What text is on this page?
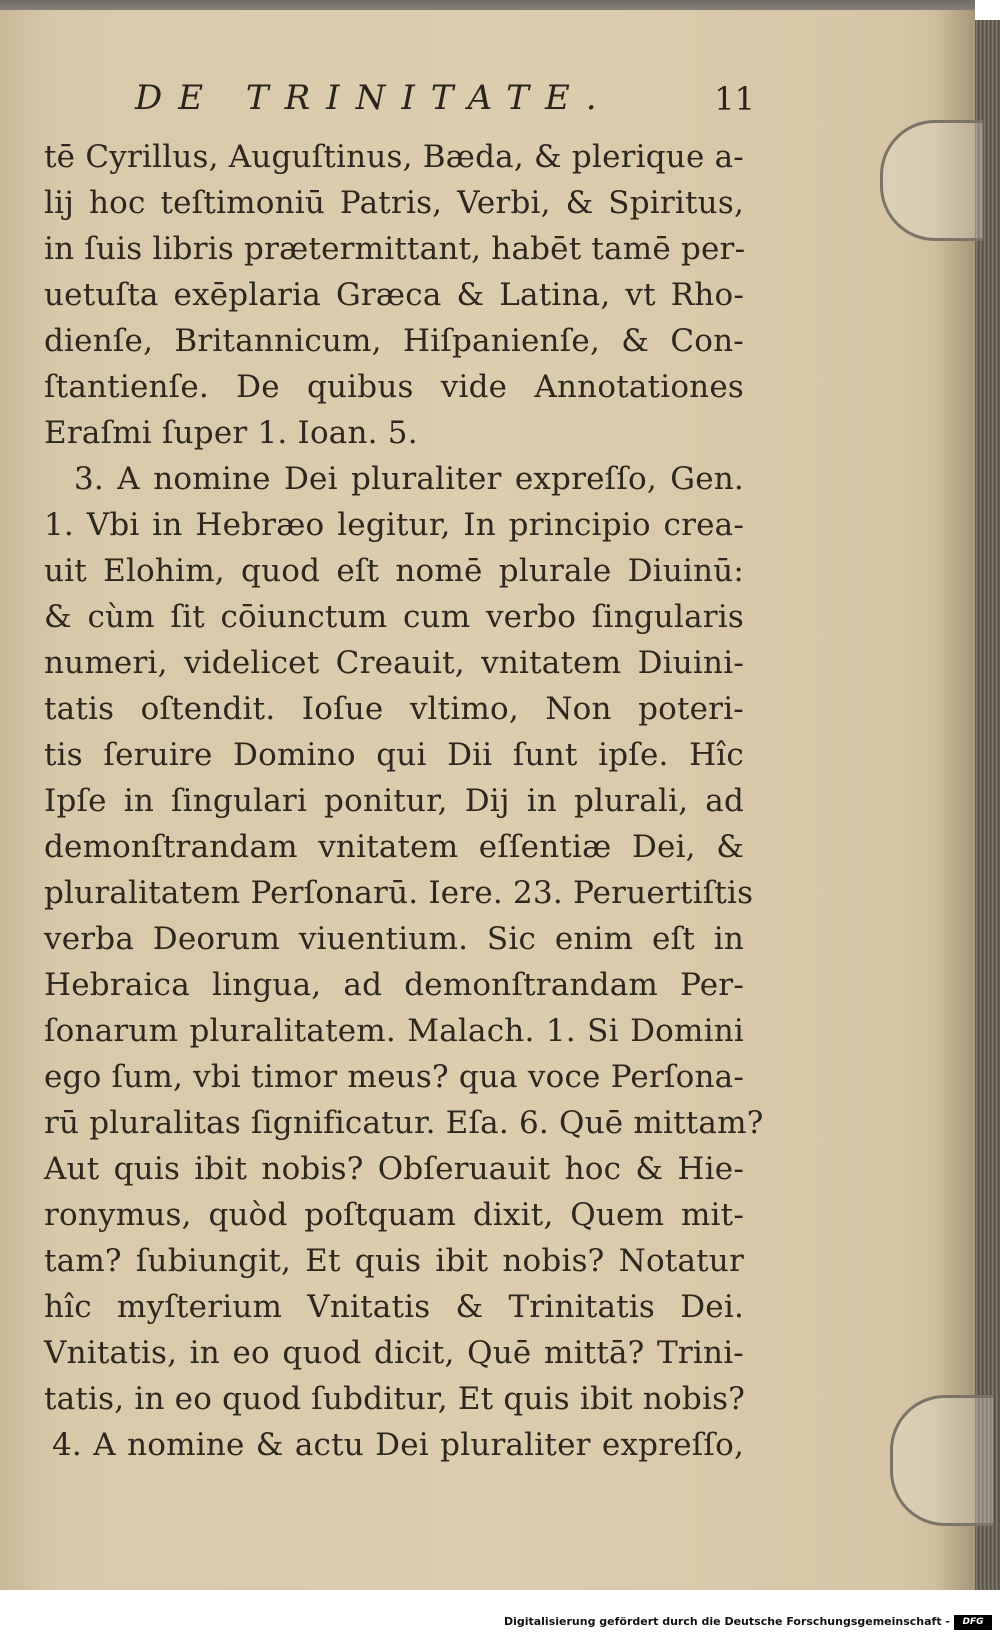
DE TRINITATE.	11
tē Cyrillus, Auguſtinus, Bæda, & plerique a-
lij hoc teſtimoniū Patris, Verbi, & Spiritus,
in ſuis libris prætermittant, habēt tamē per-
uetuſta exēplaria Græca & Latina, vt Rho-
dienſe, Britannicum, Hiſpanienſe, & Con-
ſtantienſe. De quibus vide Annotationes
Eraſmi ſuper 1. Ioan. 5.
3. A nomine Dei pluraliter expreſſo, Gen.
1. Vbi in Hebræo legitur, In principio crea-
uit Elohim, quod eſt nomē plurale Diuinū:
& cùm ſit cōiunctum cum verbo ſingularis
numeri, videlicet Creauit, vnitatem Diuini-
tatis oſtendit. Ioſue vltimo, Non poteri-
tis ſeruire Domino qui Dii ſunt ipſe. Hîc
Ipſe in ſingulari ponitur, Dij in plurali, ad
demonſtrandam vnitatem eſſentiæ Dei, &
pluralitatem Perſonarū. Iere. 23. Peruertiſtis
verba Deorum viuentium. Sic enim eſt in
Hebraica lingua, ad demonſtrandam Per-
ſonarum pluralitatem. Malach. 1. Si Domini
ego ſum, vbi timor meus? qua voce Perſona-
rū pluralitas ſignificatur. Eſa. 6. Quē mittam?
Aut quis ibit nobis? Obſeruauit hoc & Hie-
ronymus, quòd poſtquam dixit, Quem mit-
tam? ſubiungit, Et quis ibit nobis? Notatur
hîc myſterium Vnitatis & Trinitatis Dei.
Vnitatis, in eo quod dicit, Quē mittā? Trini-
tatis, in eo quod ſubditur, Et quis ibit nobis?
4. A nomine & actu Dei pluraliter expreſſo,
Digitalisierung gefördert durch die Deutsche Forschungsgemeinschaft -	DFG
